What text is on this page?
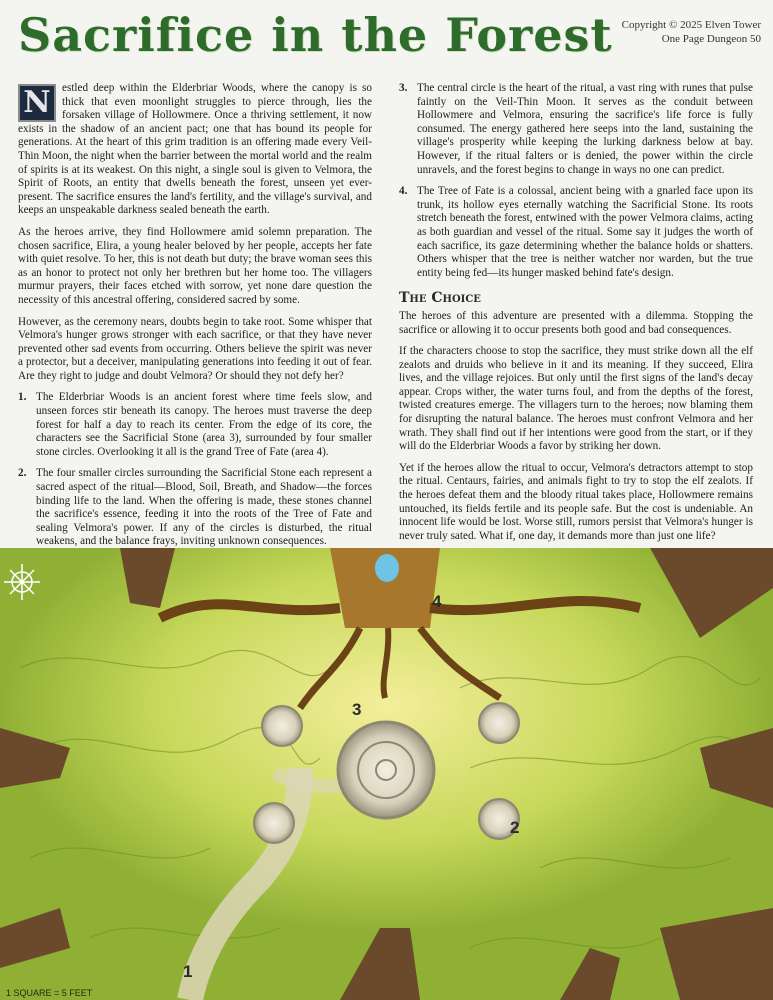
Sacrifice in the Forest Copyright © 2025 Elven Tower
One Page Dungeon 50

N	estled deep within the Elderbriar Woods, where the canopy is so thick that even moonlight struggles to pierce through, lies the forsaken village of Hollowmere. Once a thriving settlement, it now exists in the shadow of an ancient pact; one that has bound its people for generations. At the heart of this grim tradition is an offering made every Veil-Thin Moon, the night when the barrier between the mortal world and the realm of spirits is at its weakest. On this night, a single soul is given to Velmora, the Spirit of Roots, an entity that dwells beneath the forest, unseen yet ever-present. The sacrifice ensures the land's fertility, and the village's survival, and keeps an unspeakable darkness sealed beneath the earth.

As the heroes arrive, they find Hollowmere amid solemn preparation. The chosen sacrifice, Elira, a young healer beloved by her people, accepts her fate with quiet resolve. To her, this is not death but duty; the brave woman sees this as an honor to protect not only her brethren but her home too. The villagers murmur prayers, their faces etched with sorrow, yet none dare question the necessity of this ancestral offering, considered sacred by some.

However, as the ceremony nears, doubts begin to take root. Some whisper that Velmora's hunger grows stronger with each sacrifice, or that they have never prevented other sad events from occurring. Others believe the spirit was never a protector, but a deceiver, manipulating generations into feeding it out of fear. Are they right to judge and doubt Velmora? Or should they not defy her?

1. The Elderbriar Woods is an ancient forest where time feels slow, and unseen forces stir beneath its canopy. The heroes must traverse the deep forest for half a day to reach its center. From the edge of its core, the characters see the Sacrificial Stone (area 3), surrounded by four smaller stone circles. Overlooking it all is the grand Tree of Fate (area 4).
2. The four smaller circles surrounding the Sacrificial Stone each represent a sacred aspect of the ritual—Blood, Soil, Breath, and Shadow—the forces binding life to the land. When the offering is made, these stones channel the sacrifice's essence, feeding it into the roots of the Tree of Fate and sealing Velmora's power. If any of the circles is disturbed, the ritual weakens, and the balance frays, inviting unknown consequences.
3. The central circle is the heart of the ritual, a vast ring with runes that pulse faintly on the Veil-Thin Moon. It serves as the conduit between Hollowmere and Velmora, ensuring the sacrifice's life force is fully consumed. The energy gathered here seeps into the land, sustaining the village's prosperity while keeping the lurking darkness below at bay. However, if the ritual falters or is denied, the power within the circle unravels, and the forest begins to change in ways no one can predict.
4. The Tree of Fate is a colossal, ancient being with a gnarled face upon its trunk, its hollow eyes eternally watching the Sacrificial Stone. Its roots stretch beneath the forest, entwined with the power Velmora claims, acting as both guardian and vessel of the ritual. Some say it judges the worth of each sacrifice, its gaze determining whether the balance holds or shatters. Others whisper that the tree is neither watcher nor warden, but the true entity being fed—its hunger masked behind fate's design.
The Choice

The heroes of this adventure are presented with a dilemma. Stopping the sacrifice or allowing it to occur presents both good and bad consequences.

If the characters choose to stop the sacrifice, they must strike down all the elf zealots and druids who believe in it and its meaning. If they succeed, Elira lives, and the village rejoices. But only until the first signs of the land's decay appear. Crops wither, the water turns foul, and from the depths of the forest, twisted creatures emerge. The villagers turn to the heroes; now blaming them for disrupting the natural balance. The heroes must confront Velmora and her wrath. They shall find out if her intentions were good from the start, or if they will do the Elderbriar Woods a favor by striking her down.

Yet if the heroes allow the ritual to occur, Velmora's detractors attempt to stop the ritual. Centaurs, fairies, and animals fight to try to stop the elf zealots. If the heroes defeat them and the bloody ritual takes place, Hollowmere remains untouched, its fields fertile and its people safe. But the cost is undeniable. An innocent life would be lost. Worse still, rumors persist that Velmora's hunger is never truly sated. What if, one day, it demands more than just one life?

1
2
3
4
1 SQUARE = 5 FEET
